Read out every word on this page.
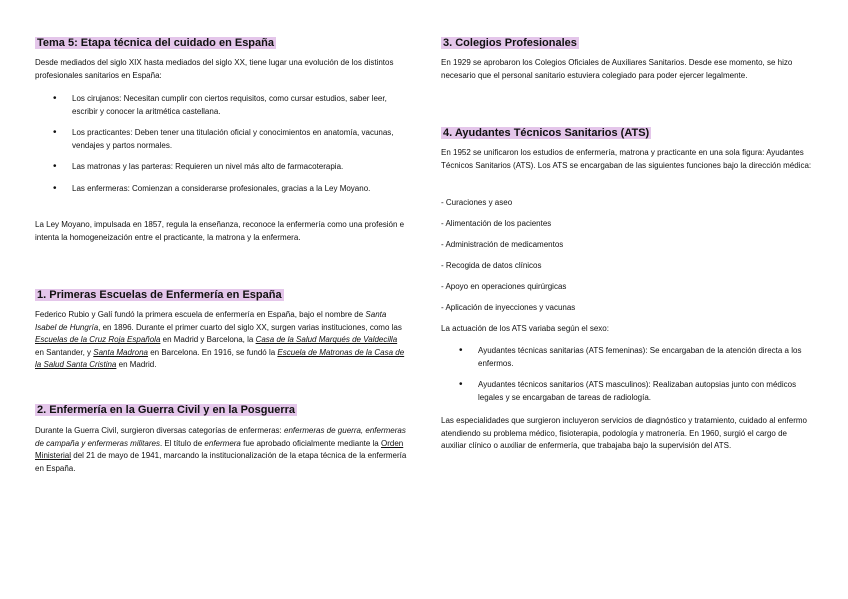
Tema 5: Etapa técnica del cuidado en España

Desde mediados del siglo XIX hasta mediados del siglo XX, tiene lugar una evolución de los distintos profesionales sanitarios en España:

• Los cirujanos: Necesitan cumplir con ciertos requisitos, como cursar estudios, saber leer, escribir y conocer la aritmética castellana.
• Los practicantes: Deben tener una titulación oficial y conocimientos en anatomía, vacunas, vendajes y partos normales.
• Las matronas y las parteras: Requieren un nivel más alto de farmacoterapia.
• Las enfermeras: Comienzan a considerarse profesionales, gracias a la Ley Moyano.

La Ley Moyano, impulsada en 1857, regula la enseñanza, reconoce la enfermería como una profesión e intenta la homogeneización entre el practicante, la matrona y la enfermera.

1. Primeras Escuelas de Enfermería en España

Federico Rubio y Galí fundó la primera escuela de enfermería en España, bajo el nombre de Santa Isabel de Hungría, en 1896. Durante el primer cuarto del siglo XX, surgen varias instituciones, como las Escuelas de la Cruz Roja Española en Madrid y Barcelona, la Casa de la Salud Marqués de Valdecilla en Santander, y Santa Madrona en Barcelona. En 1916, se fundó la Escuela de Matronas de la Casa de la Salud Santa Cristina en Madrid.

2. Enfermería en la Guerra Civil y en la Posguerra

Durante la Guerra Civil, surgieron diversas categorías de enfermeras: enfermeras de guerra, enfermeras de campaña y enfermeras militares. El título de enfermera fue aprobado oficialmente mediante la Orden Ministerial del 21 de mayo de 1941, marcando la institucionalización de la etapa técnica de la enfermería en España.

3. Colegios Profesionales

En 1929 se aprobaron los Colegios Oficiales de Auxiliares Sanitarios. Desde ese momento, se hizo necesario que el personal sanitario estuviera colegiado para poder ejercer legalmente.

4. Ayudantes Técnicos Sanitarios (ATS)

En 1952 se unificaron los estudios de enfermería, matrona y practicante en una sola figura: Ayudantes Técnicos Sanitarios (ATS). Los ATS se encargaban de las siguientes funciones bajo la dirección médica:

- Curaciones y aseo

- Alimentación de los pacientes

- Administración de medicamentos

- Recogida de datos clínicos

- Apoyo en operaciones quirúrgicas

- Aplicación de inyecciones y vacunas

La actuación de los ATS variaba según el sexo:

• Ayudantes técnicas sanitarias (ATS femeninas): Se encargaban de la atención directa a los enfermos.
• Ayudantes técnicos sanitarios (ATS masculinos): Realizaban autopsias junto con médicos legales y se encargaban de tareas de radiología.

Las especialidades que surgieron incluyeron servicios de diagnóstico y tratamiento, cuidado al enfermo atendiendo su problema médico, fisioterapia, podología y matronería. En 1960, surgió el cargo de auxiliar clínico o auxiliar de enfermería, que trabajaba bajo la supervisión del ATS.
